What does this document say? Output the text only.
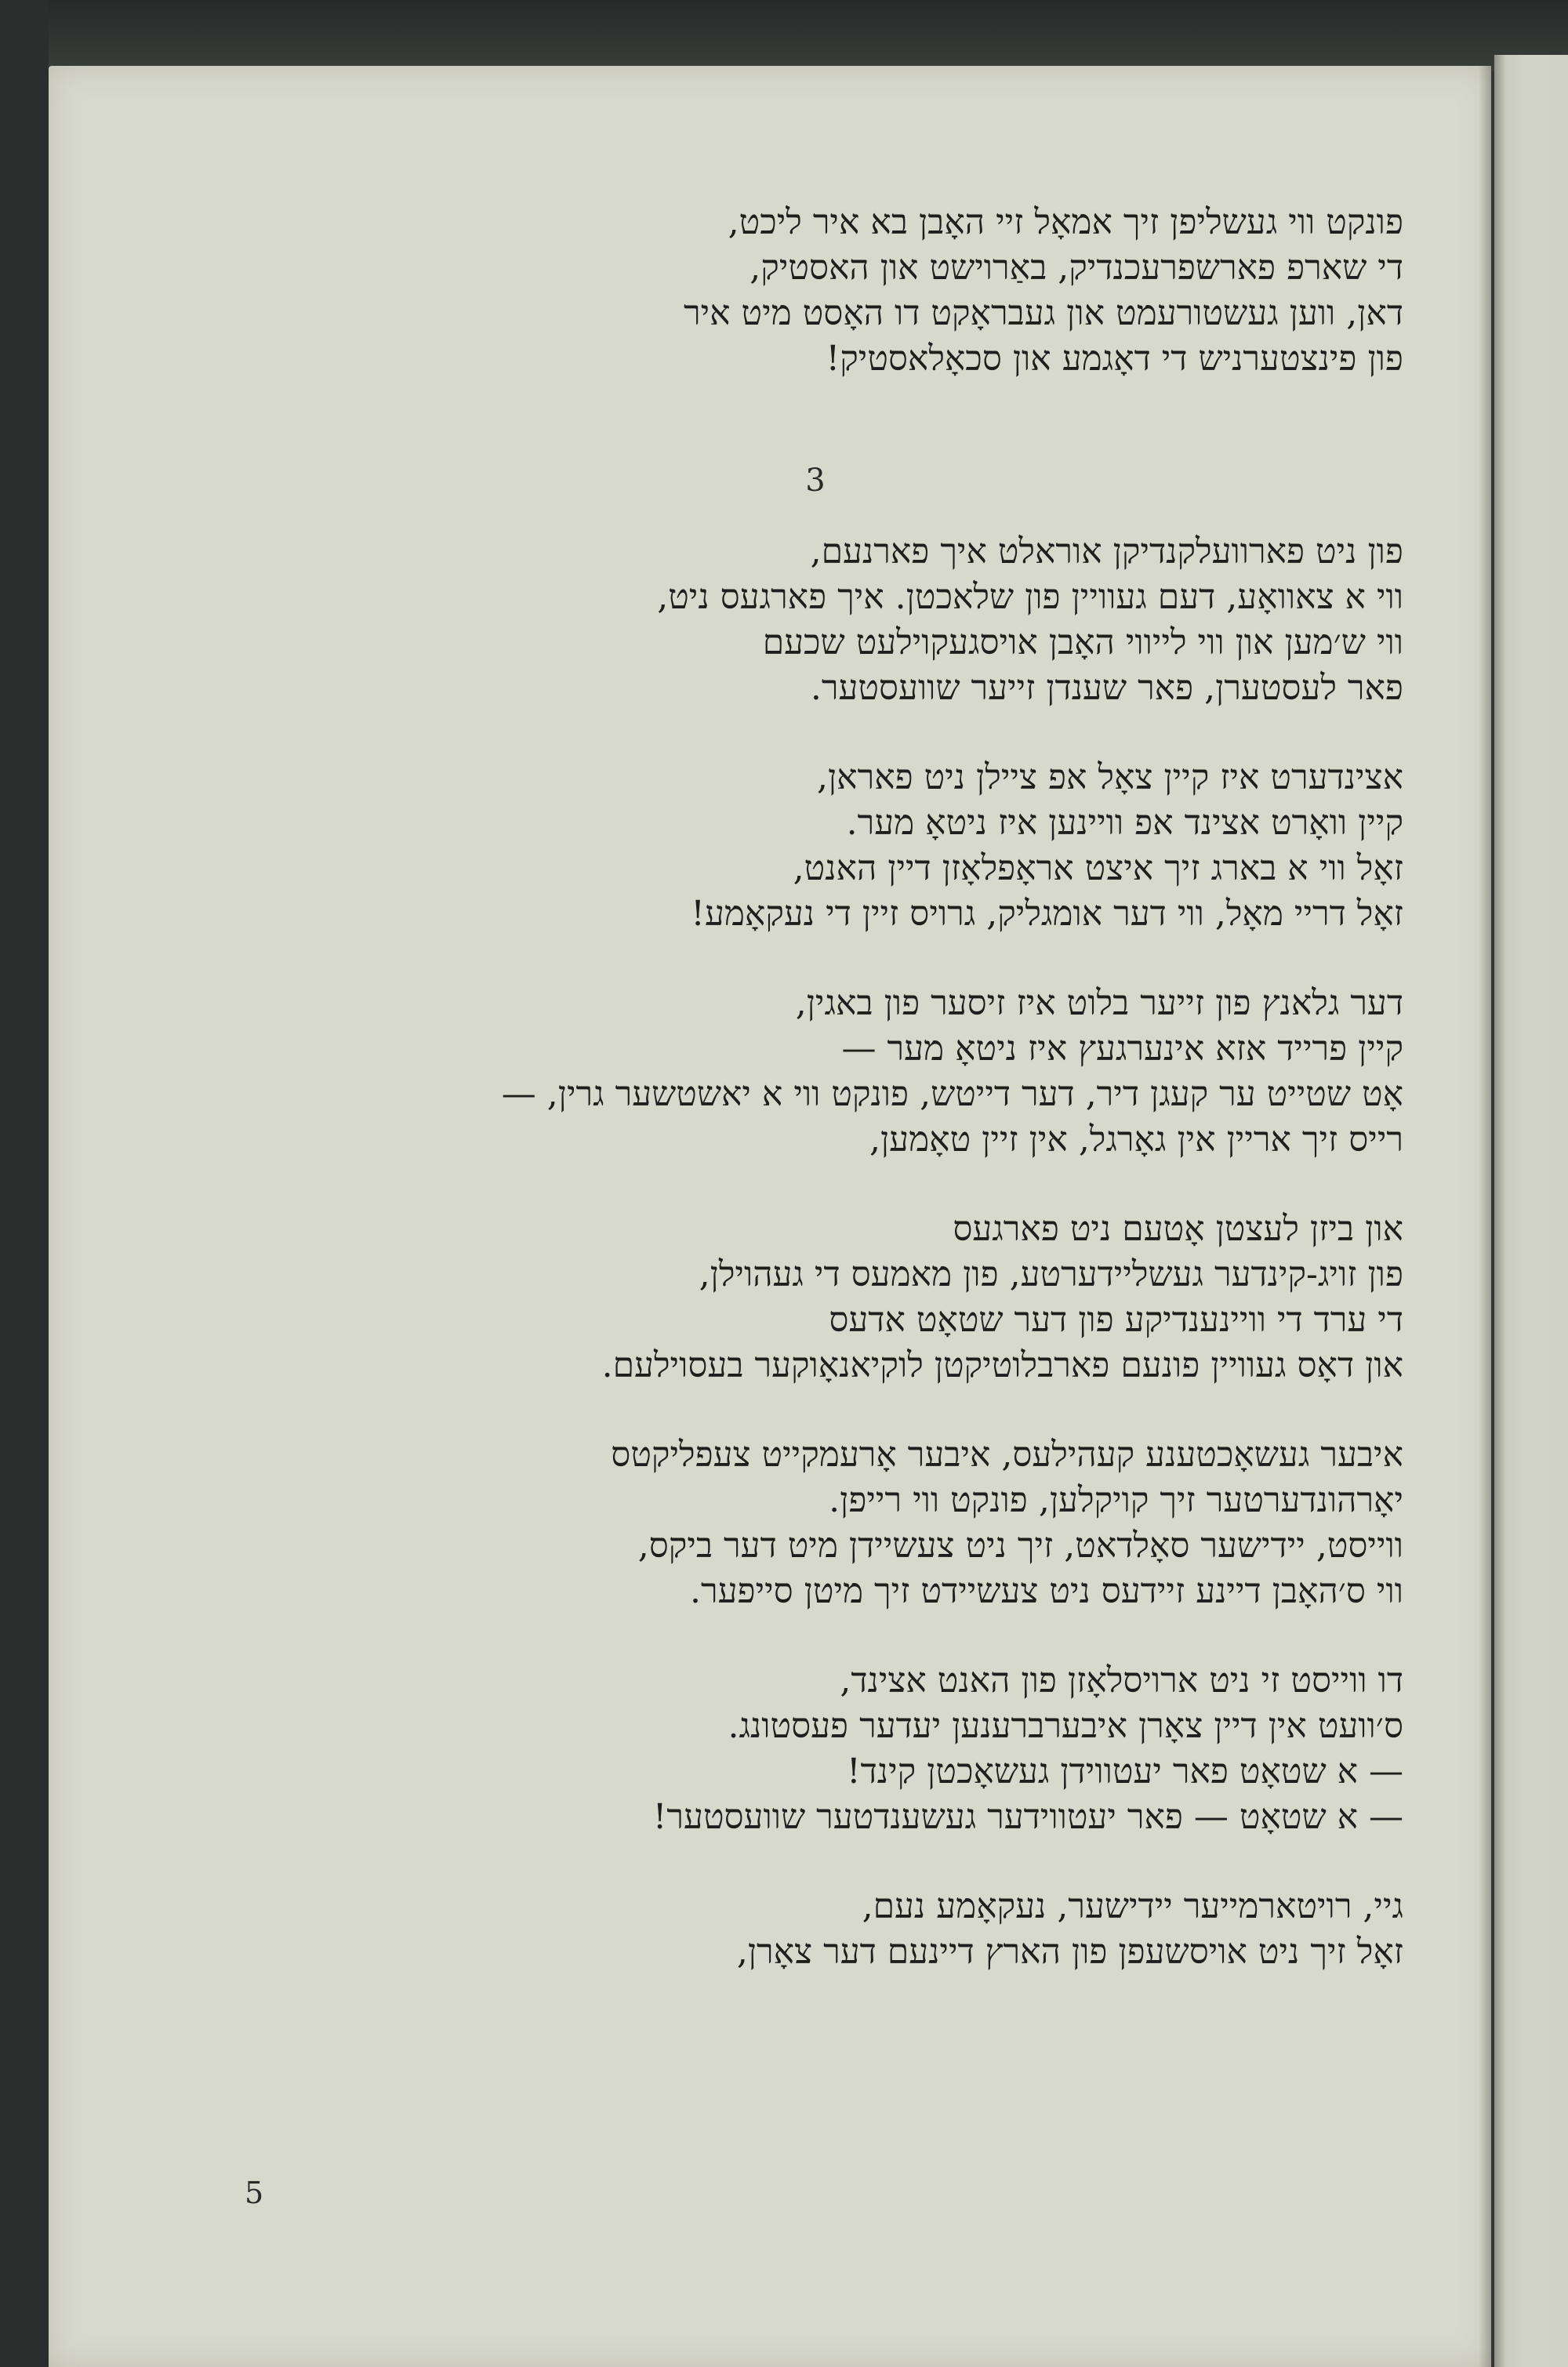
פונקט ווי געשליפן זיך אמאָל זיי האָבן בא איר ליכט,
די שארפ פארשפרעכנדיק, באַרוישט און האסטיק,
דאן, ווען געשטורעמט און געבראָקט דו האָסט מיט איר
פון פינצטערניש די דאָגמע און סכאָלאסטיק!
3
פון ניט פארוועלקנדיקן אוראלט איך פארנעם,
ווי א צאוואָע, דעם געוויין פון שלאכטן. איך פארגעס ניט,
ווי ש׳מען און ווי לייווי האָבן אויסגעקוילעט שכעם
פאר לעסטערן, פאר שענדן זייער שוועסטער.
אצינדערט איז קיין צאָל אפ ציילן ניט פאראן,
קיין וואָרט אצינד אפ וויינען איז ניטאָ מער.
זאָל ווי א בארג זיך איצט אראָפלאָזן דיין האנט,
זאָל דריי מאָל, ווי דער אומגליק, גרויס זיין די נעקאָמע!
דער גלאנץ פון זייער בלוט איז זיסער פון באגין,
קיין פרייד אזא אינערגעץ איז ניטאָ מער —
אָט שטייט ער קעגן דיר, דער דייטש, פונקט ווי א יאשטשער גרין, —
רייס זיך אריין אין גאָרגל, אין זיין טאָמען,
און ביזן לעצטן אָטעם ניט פארגעס
פון זויג-קינדער געשליידערטע, פון מאמעס די געהוילן,
די ערד די וויינענדיקע פון דער שטאָט אדעס
און דאָס געוויין פונעם פארבלוטיקטן לוקיאנאָוקער בעסוילעם.
איבער געשאָכטענע קעהילעס, איבער אָרעמקייט צעפליקטס
יאָרהונדערטער זיך קויקלען, פונקט ווי רייפן.
ווייסט, יידישער סאָלדאט, זיך ניט צעשיידן מיט דער ביקס,
ווי ס׳האָבן דיינע זיידעס ניט צעשיידט זיך מיטן סייפער.
דו ווייסט זי ניט ארויסלאָזן פון האנט אצינד,
ס׳וועט אין דיין צאָרן איבערברענען יעדער פעסטונג.
— א שטאָט פאר יעטווידן געשאָכטן קינד!
— א שטאָט — פאר יעטווידער געשענדטער שוועסטער!
גיי, רויטארמייער יידישער, נעקאָמע נעם,
זאָל זיך ניט אויסשעפן פון הארץ דיינעם דער צאָרן,
5
